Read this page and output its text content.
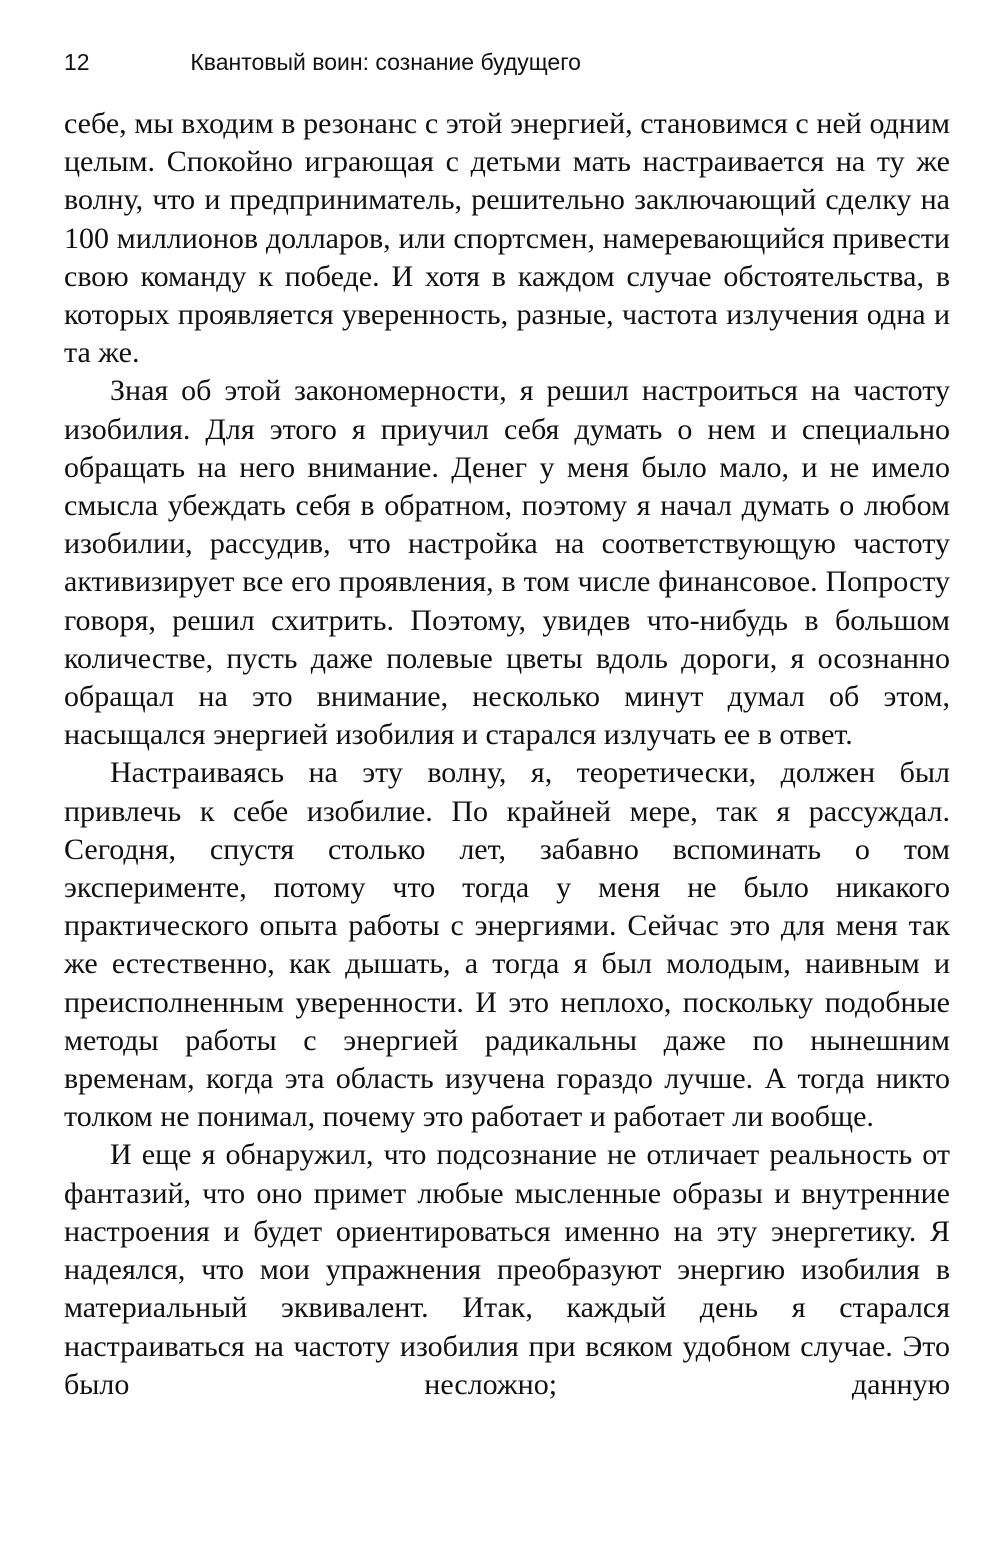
12	Квантовый воин: сознание будущего

себе, мы входим в резонанс с этой энергией, становимся с ней одним целым. Спокойно играющая с детьми мать настраивается на ту же волну, что и предприниматель, решительно заключающий сделку на 100 миллионов долларов, или спортсмен, намеревающийся привести свою команду к победе. И хотя в каждом случае обстоятельства, в которых проявляется уверенность, разные, частота излучения одна и та же.

Зная об этой закономерности, я решил настроиться на частоту изобилия. Для этого я приучил себя думать о нем и специально обращать на него внимание. Денег у меня было мало, и не имело смысла убеждать себя в обратном, поэтому я начал думать о любом изобилии, рассудив, что настройка на соответствующую частоту активизирует все его проявления, в том числе финансовое. Попросту говоря, решил схитрить. Поэтому, увидев что-нибудь в большом количестве, пусть даже полевые цветы вдоль дороги, я осознанно обращал на это внимание, несколько минут думал об этом, насыщался энергией изобилия и старался излучать ее в ответ.

Настраиваясь на эту волну, я, теоретически, должен был привлечь к себе изобилие. По крайней мере, так я рассуждал. Сегодня, спустя столько лет, забавно вспоминать о том эксперименте, потому что тогда у меня не было никакого практического опыта работы с энергиями. Сейчас это для меня так же естественно, как дышать, а тогда я был молодым, наивным и преисполненным уверенности. И это неплохо, поскольку подобные методы работы с энергией радикальны даже по нынешним временам, когда эта область изучена гораздо лучше. А тогда никто толком не понимал, почему это работает и работает ли вообще.

И еще я обнаружил, что подсознание не отличает реальность от фантазий, что оно примет любые мысленные образы и внутренние настроения и будет ориентироваться именно на эту энергетику. Я надеялся, что мои упражнения преобразуют энергию изобилия в материальный эквивалент. Итак, каждый день я старался настраиваться на частоту изобилия при всяком удобном случае. Это было несложно; данную
